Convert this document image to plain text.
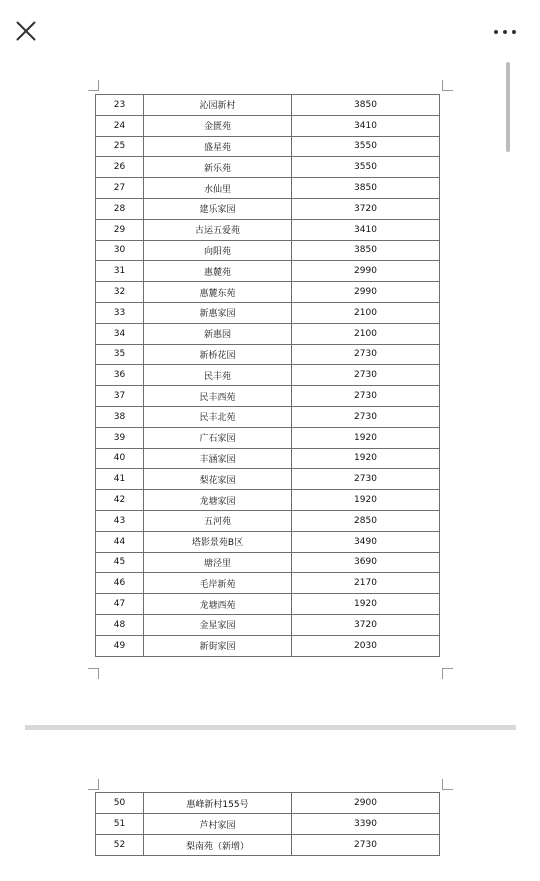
23	沁园新村	3850
24	金匮苑	3410
25	盛星苑	3550
26	新乐苑	3550
27	水仙里	3850
28	建乐家园	3720
29	古运五爱苑	3410
30	向阳苑	3850
31	惠麓苑	2990
32	惠麓东苑	2990
33	新惠家园	2100
34	新惠园	2100
35	新桥花园	2730
36	民丰苑	2730
37	民丰西苑	2730
38	民丰北苑	2730
39	广石家园	1920
40	丰涵家园	1920
41	梨花家园	2730
42	龙塘家园	1920
43	五河苑	2850
44	塔影景苑B区	3490
45	塘泾里	3690
46	毛岸新苑	2170
47	龙塘西苑	1920
48	金星家园	3720
49	新街家园	2030
50	惠峰新村155号	2900
51	芦村家园	3390
52	梨南苑（新增）	2730
